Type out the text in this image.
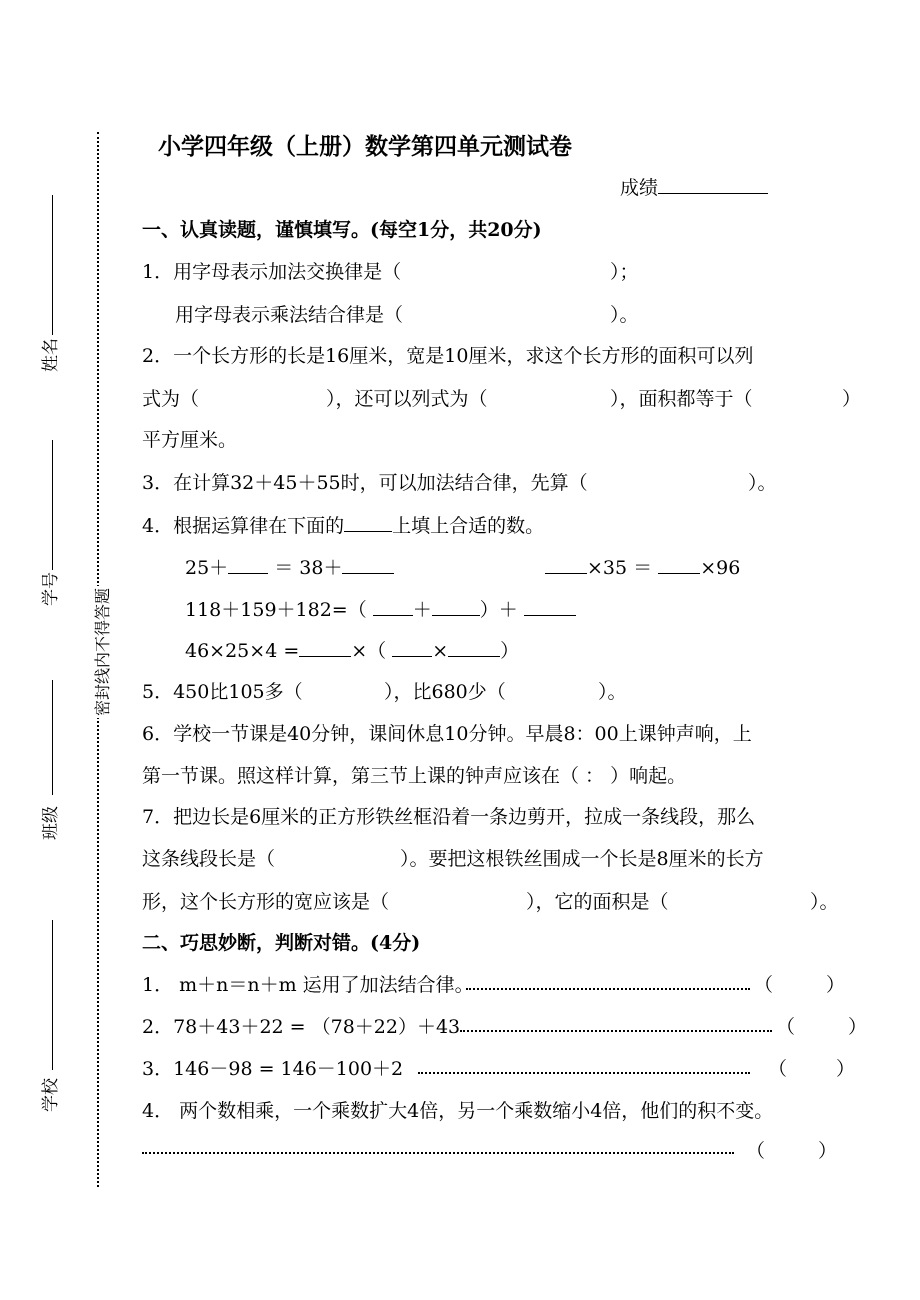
密封线内不得答题
姓名
学号
班级
学校
小学四年级（上册）数学第四单元测试卷
成绩
一、认真读题，谨慎填写。(每空1分，共20分)
1．用字母表示加法交换律是（	）；
用字母表示乘法结合律是（	）。
2．一个长方形的长是16厘米，宽是10厘米，求这个长方形的面积可以列
式为（	），还可以列式为（	），面积都等于（	）
平方厘米。
3．在计算32＋45＋55时，可以加法结合律，先算（	）。
4．根据运算律在下面的	上填上合适的数。
25＋ ＝ 38＋	×35 ＝	×96
118＋159＋182=（ ＋	）＋
46×25×4 =	×（ ×	）
5．450比105多（	），比680少（	）。
6．学校一节课是40分钟，课间休息10分钟。早晨8：00上课钟声响，上
第一节课。照这样计算，第三节上课的钟声应该在（ ： ）响起。
7．把边长是6厘米的正方形铁丝框沿着一条边剪开，拉成一条线段，那么
这条线段长是（	）。要把这根铁丝围成一个长是8厘米的长方
形，这个长方形的宽应该是（	），它的面积是（	）。
二、巧思妙断，判断对错。(4分)
1． m＋n＝n＋m 运用了加法结合律。	（	）
2．78＋43＋22 = （78＋22）＋43	（	）
3．146－98 = 146－100＋2	（	）
4． 两个数相乘，一个乘数扩大4倍，另一个乘数缩小4倍，他们的积不变。
（	）
